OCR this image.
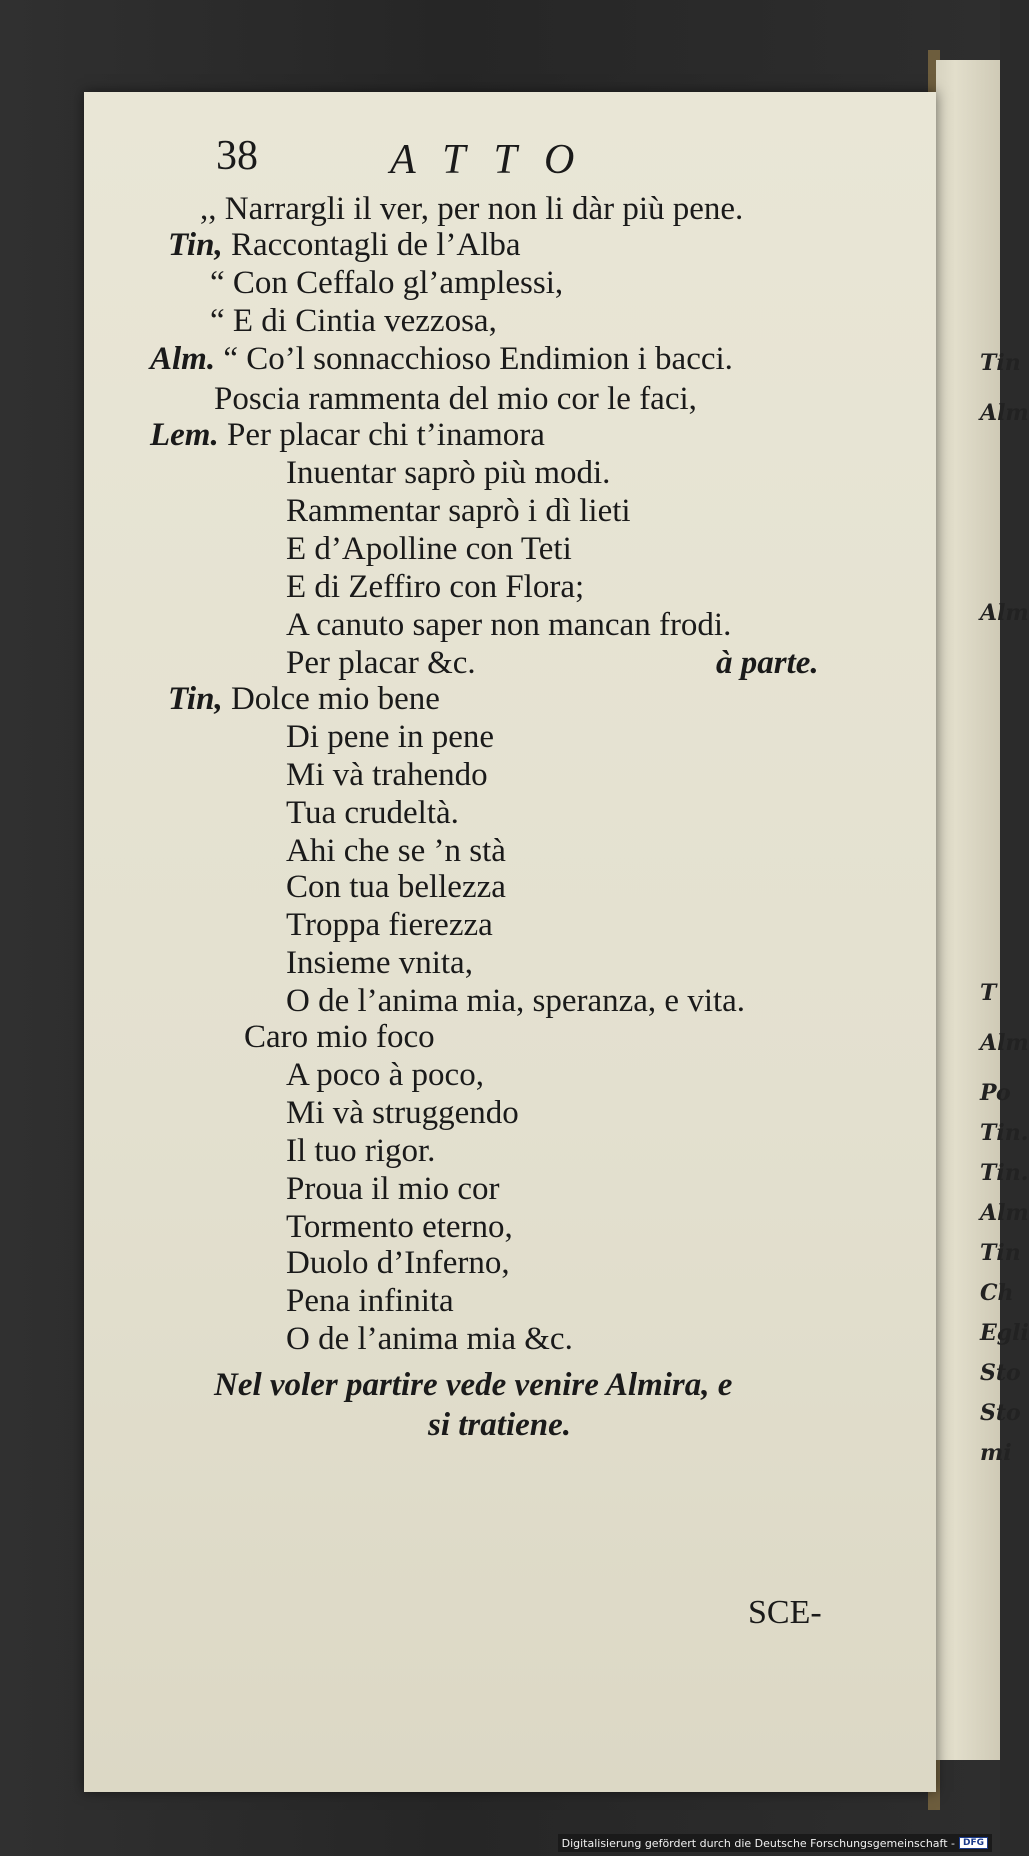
Tin
Alm
Alm
T
Alm
Po
Tin.
Tin.
Alm
Tin
Ch
Egli
Sto
Sto
mi
38	ATTO
,, Narrargli il ver, per non li dàr più pene.
Tin, Raccontagli de l’Alba
“ Con Ceffalo gl’amplessi,
“ E di Cintia vezzosa,
Alm. “ Co’l sonnacchioso Endimion i bacci.
Poscia rammenta del mio cor le faci,
Lem. Per placar chi t’inamora
Inuentar saprò più modi.
Rammentar saprò i dì lieti
E d’Apolline con Teti
E di Zeffiro con Flora;
A canuto saper non mancan frodi.
Per placar &c.	à parte.
Tin, Dolce mio bene
Di pene in pene
Mi và trahendo
Tua crudeltà.
Ahi che se ’n stà
Con tua bellezza
Troppa fierezza
Insieme vnita,
O de l’anima mia, speranza, e vita.
Caro mio foco
A poco à poco,
Mi và struggendo
Il tuo rigor.
Proua il mio cor
Tormento eterno,
Duolo d’Inferno,
Pena infinita
O de l’anima mia &c.
Nel voler partire vede venire Almira, e
si tratiene.
SCE-
Digitalisierung gefördert durch die Deutsche Forschungsgemeinschaft - DFG
